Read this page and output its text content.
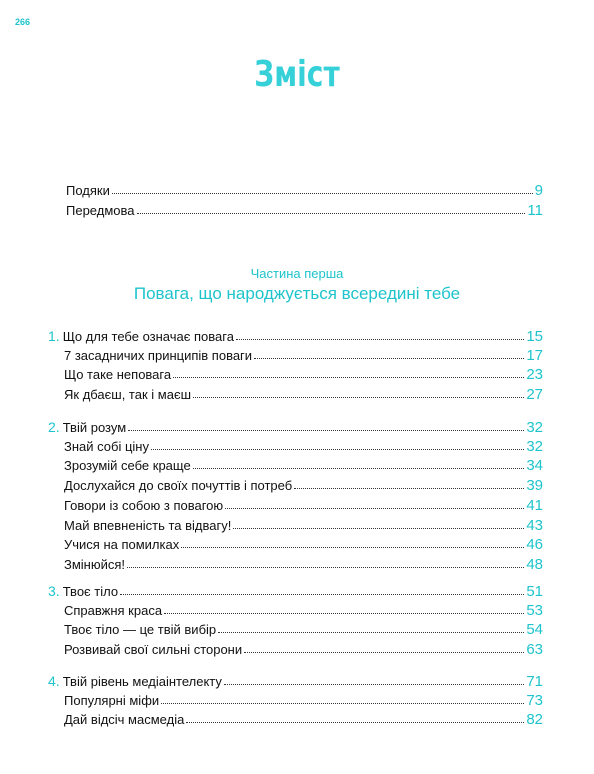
266
Зміст
Подяки	9
Передмова	11
1. Що для тебе означає повага	15
7 засадничих принципів поваги	17
Що таке неповага	23
Як дбаєш, так і маєш	27
2. Твій розум	32
Знай собі ціну	32
Зрозумій себе краще	34
Дослухайся до своїх почуттів і потреб	39
Говори із собою з повагою	41
Май впевненість та відвагу!	43
Учися на помилках	46
Змінюйся!	48
3. Твоє тіло	51
Справжня краса	53
Твоє тіло — це твій вибір	54
Розвивай свої сильні сторони	63
4. Твій рівень медіаінтелекту	71
Популярні міфи	73
Дай відсіч масмедіа	82
Частина перша
Повага, що народжується всередині тебе
